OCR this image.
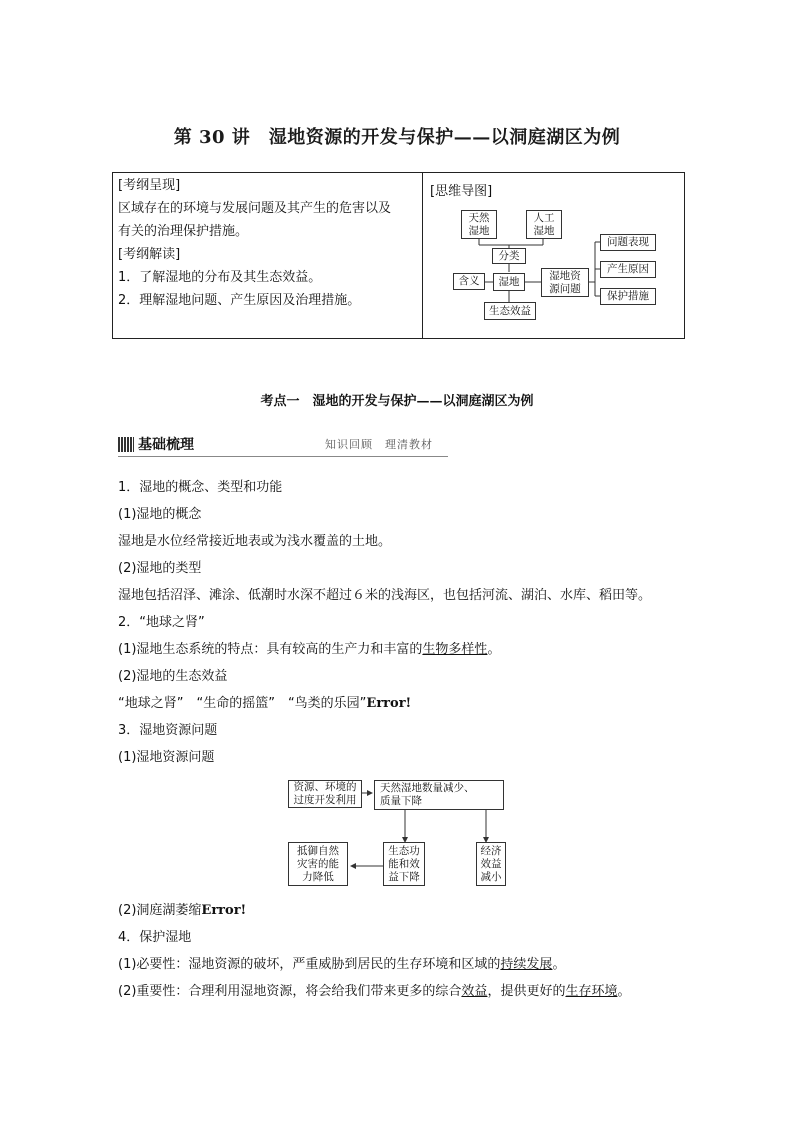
第 30 讲　湿地资源的开发与保护——以洞庭湖区为例
[考纲呈现]
区域存在的环境与发展问题及其产生的危害以及
有关的治理保护措施。
[考纲解读]
1．了解湿地的分布及其生态效益。
2．理解湿地问题、产生原因及治理措施。
[思维导图]
天然
湿地
人工
湿地
分类
含义	湿地	湿地资
源问题
生态效益
问题表现
产生原因
保护措施
考点一　湿地的开发与保护——以洞庭湖区为例
基础梳理	知识回顾　理清教材
1．湿地的概念、类型和功能
(1)湿地的概念
湿地是水位经常接近地表或为浅水覆盖的土地。
(2)湿地的类型
湿地包括沼泽、滩涂、低潮时水深不超过６米的浅海区，也包括河流、湖泊、水库、稻田等。
2．“地球之肾”
(1)湿地生态系统的特点：具有较高的生产力和丰富的生物多样性。
(2)湿地的生态效益
“地球之肾”　“生命的摇篮”　“鸟类的乐园”Error!
3．湿地资源问题
(1)湿地资源问题
资源、环境的
过度开发利用
天然湿地数量减少、
质量下降
抵御自然
灾害的能
力降低
生态功
能和效
益下降
经济
效益
减小
(2)洞庭湖萎缩Error!
4．保护湿地
(1)必要性：湿地资源的破坏，严重威胁到居民的生存环境和区域的持续发展。
(2)重要性：合理利用湿地资源，将会给我们带来更多的综合效益，提供更好的生存环境。
